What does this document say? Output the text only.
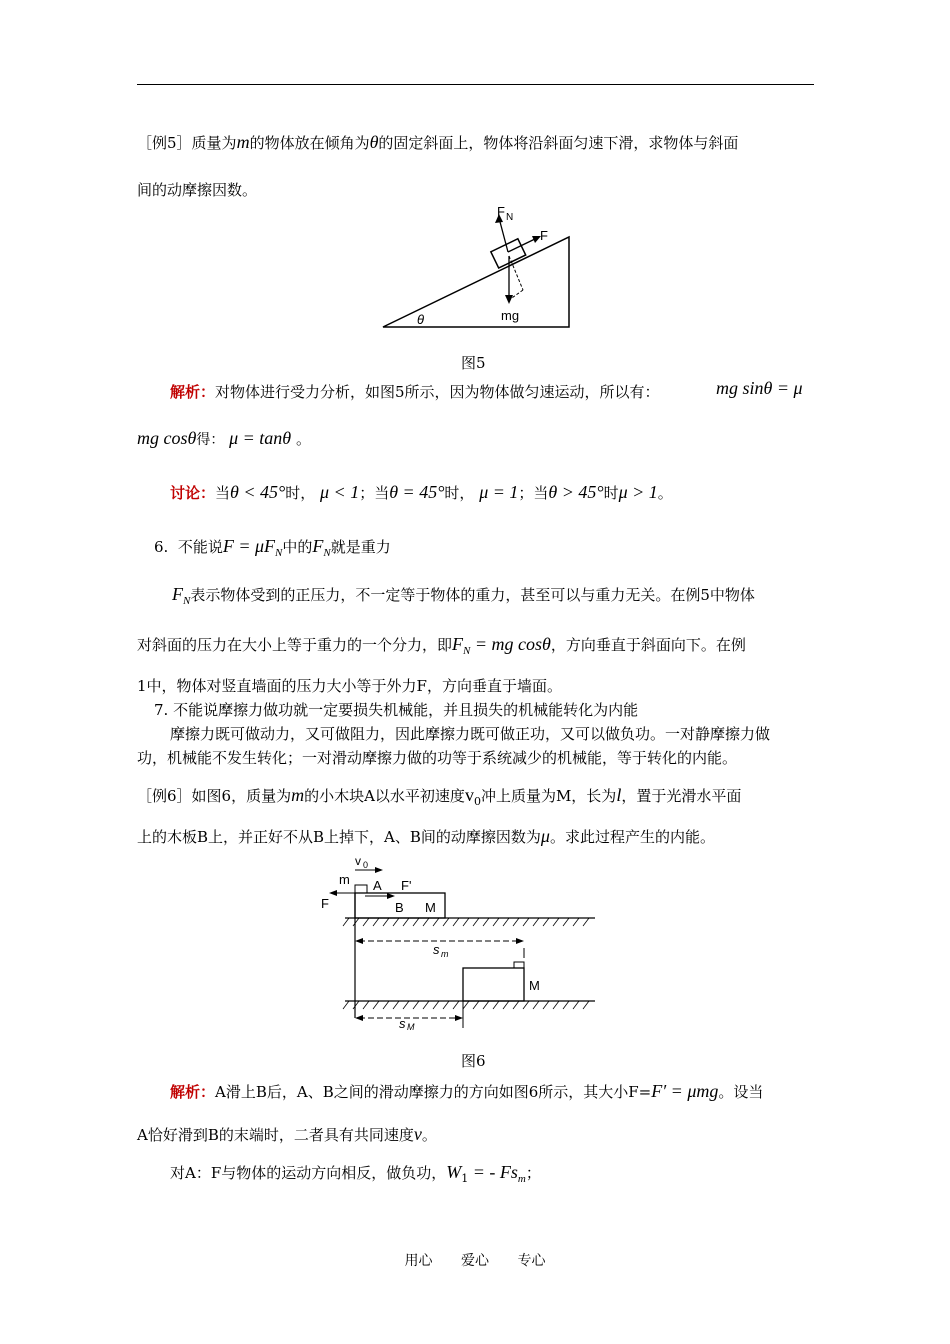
［例5］质量为m的物体放在倾角为θ的固定斜面上，物体将沿斜面匀速下滑，求物体与斜面
间的动摩擦因数。
F N
F
mg
θ
图5
解析：对物体进行受力分析，如图5所示，因为物体做匀速运动，所以有：	mg sinθ = μ
mg cosθ得： μ = tanθ 。
讨论：当θ < 45°时， μ < 1；当θ = 45°时， μ = 1；当θ > 45°时μ > 1。
6. 不能说$F = \mu F_N$中的$F_N$就是重力
$F_N$表示物体受到的正压力，不一定等于物体的重力，甚至可以与重力无关。在例5中物体
对斜面的压力在大小上等于重力的一个分力，即$F_N$ = mg cosθ，方向垂直于斜面向下。在例
1中，物体对竖直墙面的压力大小等于外力F，方向垂直于墙面。
7. 不能说摩擦力做功就一定要损失机械能，并且损失的机械能转化为内能
摩擦力既可做动力，又可做阻力，因此摩擦力既可做正功，又可以做负功。一对静摩擦力做
功，机械能不发生转化；一对滑动摩擦力做的功等于系统减少的机械能，等于转化的内能。
［例6］如图6，质量为m的小木块A以水平初速度$v_0$冲上质量为M，长为l，置于光滑水平面
上的木板B上，并正好不从B上掉下，A、B间的动摩擦因数为μ。求此过程产生的内能。
v 0
m A F'
F	B M
s m
M
s M
图6
解析：A滑上B后，A、B之间的滑动摩擦力的方向如图6所示，其大小F=F′ = μmg。设当
A恰好滑到B的末端时，二者具有共同速度v。
对A：F与物体的运动方向相反，做负功，$W_1$ = - $Fs_m$；
用心 爱心 专心
